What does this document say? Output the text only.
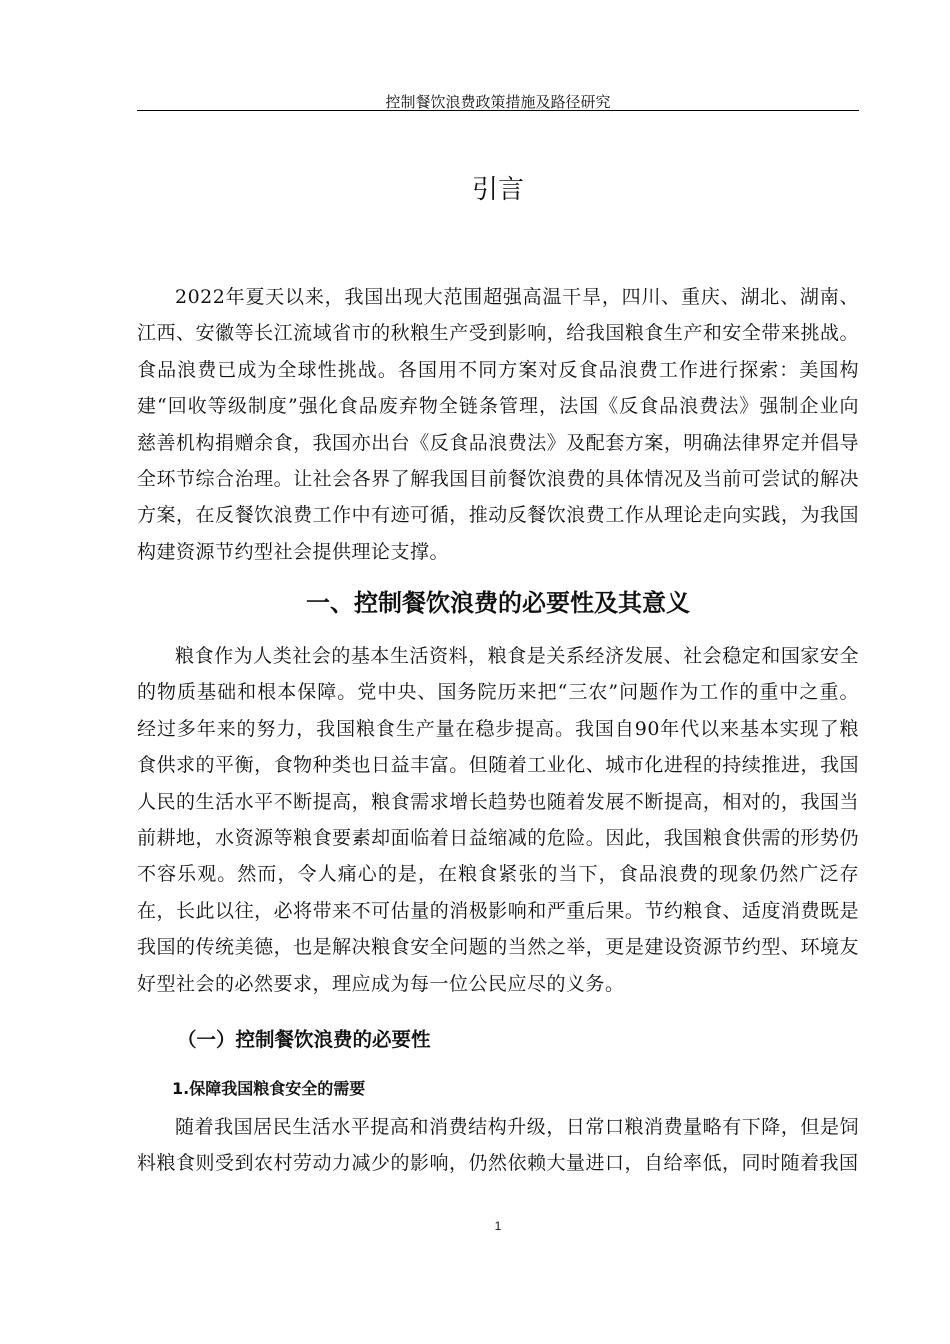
控制餐饮浪费政策措施及路径研究
引言

2022年夏天以来，我国出现大范围超强高温干旱，四川、重庆、湖北、湖南、江西、安徽等长江流域省市的秋粮生产受到影响，给我国粮食生产和安全带来挑战。食品浪费已成为全球性挑战。各国用不同方案对反食品浪费工作进行探索：美国构建“回收等级制度”强化食品废弃物全链条管理，法国《反食品浪费法》强制企业向慈善机构捐赠余食，我国亦出台《反食品浪费法》及配套方案，明确法律界定并倡导全环节综合治理。让社会各界了解我国目前餐饮浪费的具体情况及当前可尝试的解决方案，在反餐饮浪费工作中有迹可循，推动反餐饮浪费工作从理论走向实践，为我国构建资源节约型社会提供理论支撑。

一、控制餐饮浪费的必要性及其意义

粮食作为人类社会的基本生活资料，粮食是关系经济发展、社会稳定和国家安全的物质基础和根本保障。党中央、国务院历来把“三农”问题作为工作的重中之重。经过多年来的努力，我国粮食生产量在稳步提高。我国自90年代以来基本实现了粮食供求的平衡，食物种类也日益丰富。但随着工业化、城市化进程的持续推进，我国人民的生活水平不断提高，粮食需求增长趋势也随着发展不断提高，相对的，我国当前耕地，水资源等粮食要素却面临着日益缩减的危险。因此，我国粮食供需的形势仍不容乐观。然而，令人痛心的是，在粮食紧张的当下，食品浪费的现象仍然广泛存在，长此以往，必将带来不可估量的消极影响和严重后果。节约粮食、适度消费既是我国的传统美德，也是解决粮食安全问题的当然之举，更是建设资源节约型、环境友好型社会的必然要求，理应成为每一位公民应尽的义务。

（一）控制餐饮浪费的必要性
1.保障我国粮食安全的需要

随着我国居民生活水平提高和消费结构升级，日常口粮消费量略有下降，但是饲料粮食则受到农村劳动力减少的影响，仍然依赖大量进口，自给率低，同时随着我国

1
